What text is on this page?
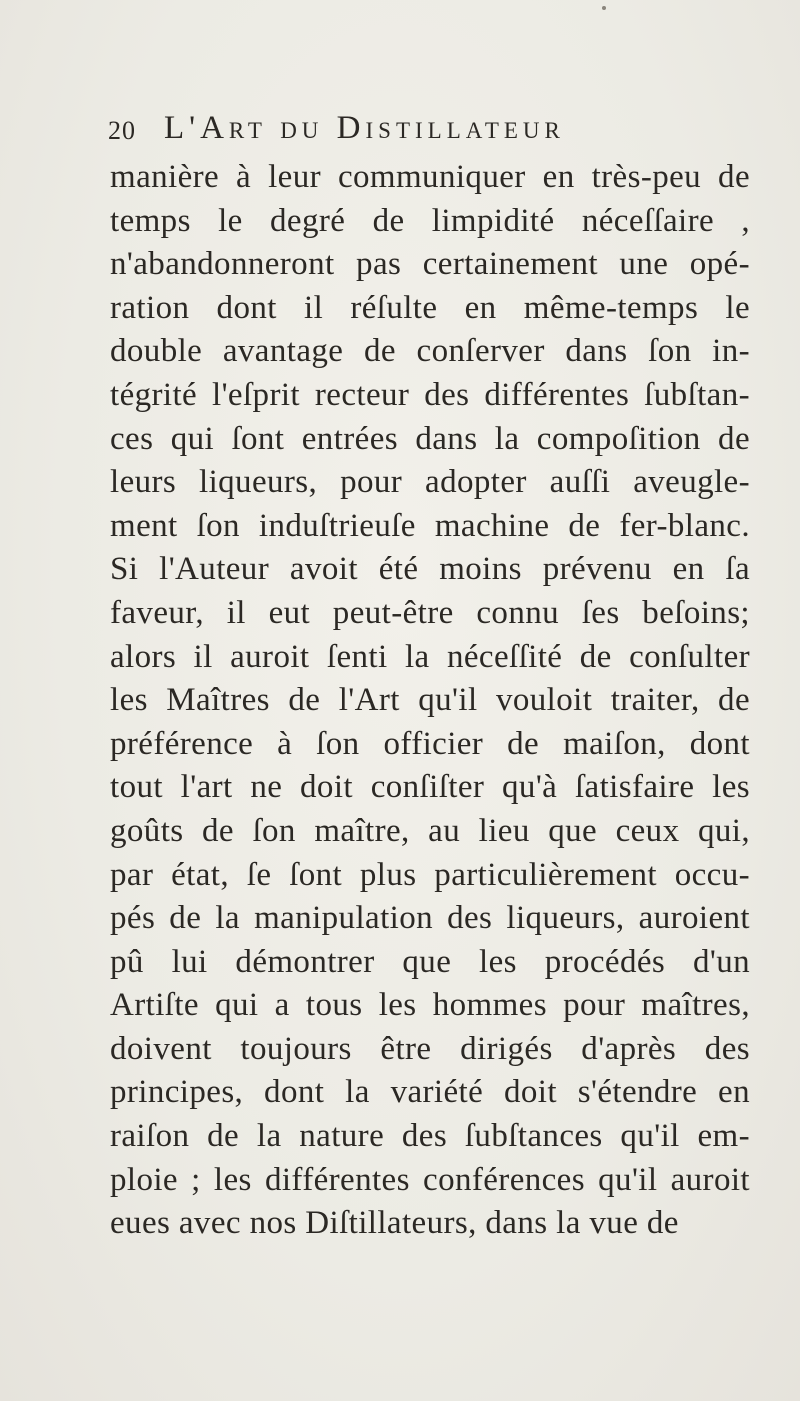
20 L'Art du Distillateur
manière à leur communiquer en très-peu de
temps le degré de limpidité néceſſaire ,
n'abandonneront pas certainement une opé-
ration dont il réſulte en même-temps le
double avantage de conſerver dans ſon in-
tégrité l'eſprit recteur des différentes ſubſtan-
ces qui ſont entrées dans la compoſition de
leurs liqueurs, pour adopter auſſi aveugle-
ment ſon induſtrieuſe machine de fer-blanc.
Si l'Auteur avoit été moins prévenu en ſa
faveur, il eut peut-être connu ſes beſoins;
alors il auroit ſenti la néceſſité de conſulter
les Maîtres de l'Art qu'il vouloit traiter, de
préférence à ſon officier de maiſon, dont
tout l'art ne doit conſiſter qu'à ſatisfaire les
goûts de ſon maître, au lieu que ceux qui,
par état, ſe ſont plus particulièrement occu-
pés de la manipulation des liqueurs, auroient
pû lui démontrer que les procédés d'un
Artiſte qui a tous les hommes pour maîtres,
doivent toujours être dirigés d'après des
principes, dont la variété doit s'étendre en
raiſon de la nature des ſubſtances qu'il em-
ploie ; les différentes conférences qu'il auroit
eues avec nos Diſtillateurs, dans la vue de
